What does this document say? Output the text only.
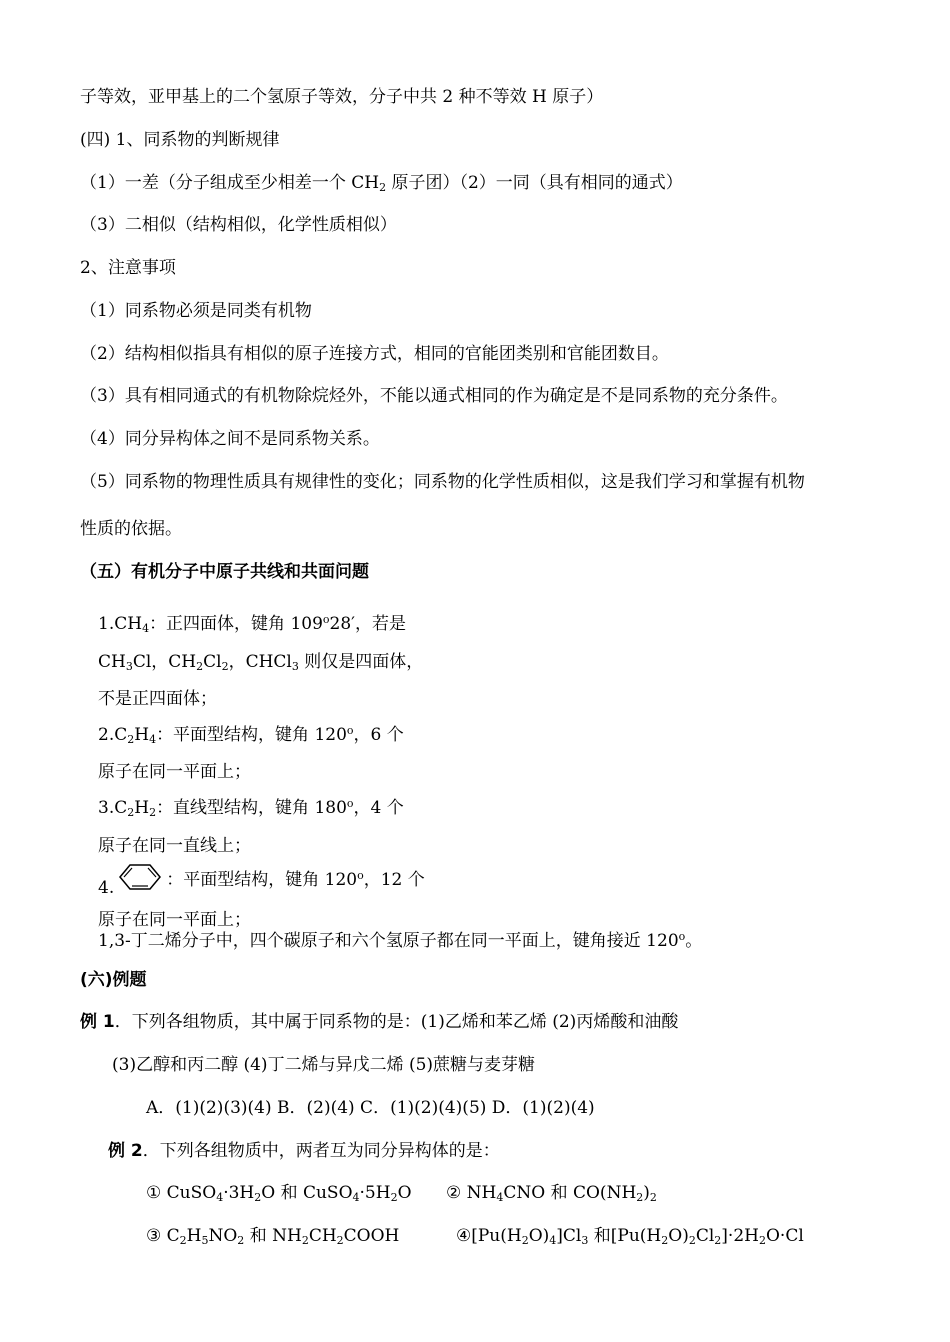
子等效，亚甲基上的二个氢原子等效，分子中共 2 种不等效 H 原子）
(四) 1、同系物的判断规律
（1）一差（分子组成至少相差一个 $CH_2$ 原子团）（2）一同（具有相同的通式）
（3）二相似（结构相似，化学性质相似）
2、注意事项
（1）同系物必须是同类有机物
（2）结构相似指具有相似的原子连接方式，相同的官能团类别和官能团数目。
（3）具有相同通式的有机物除烷烃外，不能以通式相同的作为确定是不是同系物的充分条件。
（4）同分异构体之间不是同系物关系。
（5）同系物的物理性质具有规律性的变化；同系物的化学性质相似，这是我们学习和掌握有机物
性质的依据。
（五）有机分子中原子共线和共面问题
$1.CH_4$：正四面体，键角 109$^o$28′，若是
$CH_3Cl$，$CH_2Cl_2$，CHCl$_3$ 则仅是四面体，
不是正四面体；
$2.C_2H_4$：平面型结构，键角 120$^o$，6 个
原子在同一平面上；
$3.C_2H_2$：直线型结构，键角 180$^o$，4 个
原子在同一直线上；
4.	：平面型结构，键角 120$^o$，12 个
原子在同一平面上；
1,3-丁二烯分子中，四个碳原子和六个氢原子都在同一平面上，键角接近 120$^o$。
(六)例题
例 1．下列各组物质，其中属于同系物的是：(1)乙烯和苯乙烯 (2)丙烯酸和油酸
(3)乙醇和丙二醇 (4)丁二烯与异戊二烯 (5)蔗糖与麦芽糖
A．(1)(2)(3)(4) B．(2)(4) C．(1)(2)(4)(5) D．(1)(2)(4)
例 2．下列各组物质中，两者互为同分异构体的是：
① $CuSO_4\cdot 3H_2O$ 和 $CuSO_4\cdot 5H_2O$ ② $NH_4CNO$ 和 $CO(NH_2)_2$
③ $C_2H_5NO_2$ 和 $NH_2CH_2COOH$	$④[Pu(H_2O)_4]Cl_3$ 和$[Pu(H_2O)_2Cl_2]\cdot 2H_2O\cdot Cl$
